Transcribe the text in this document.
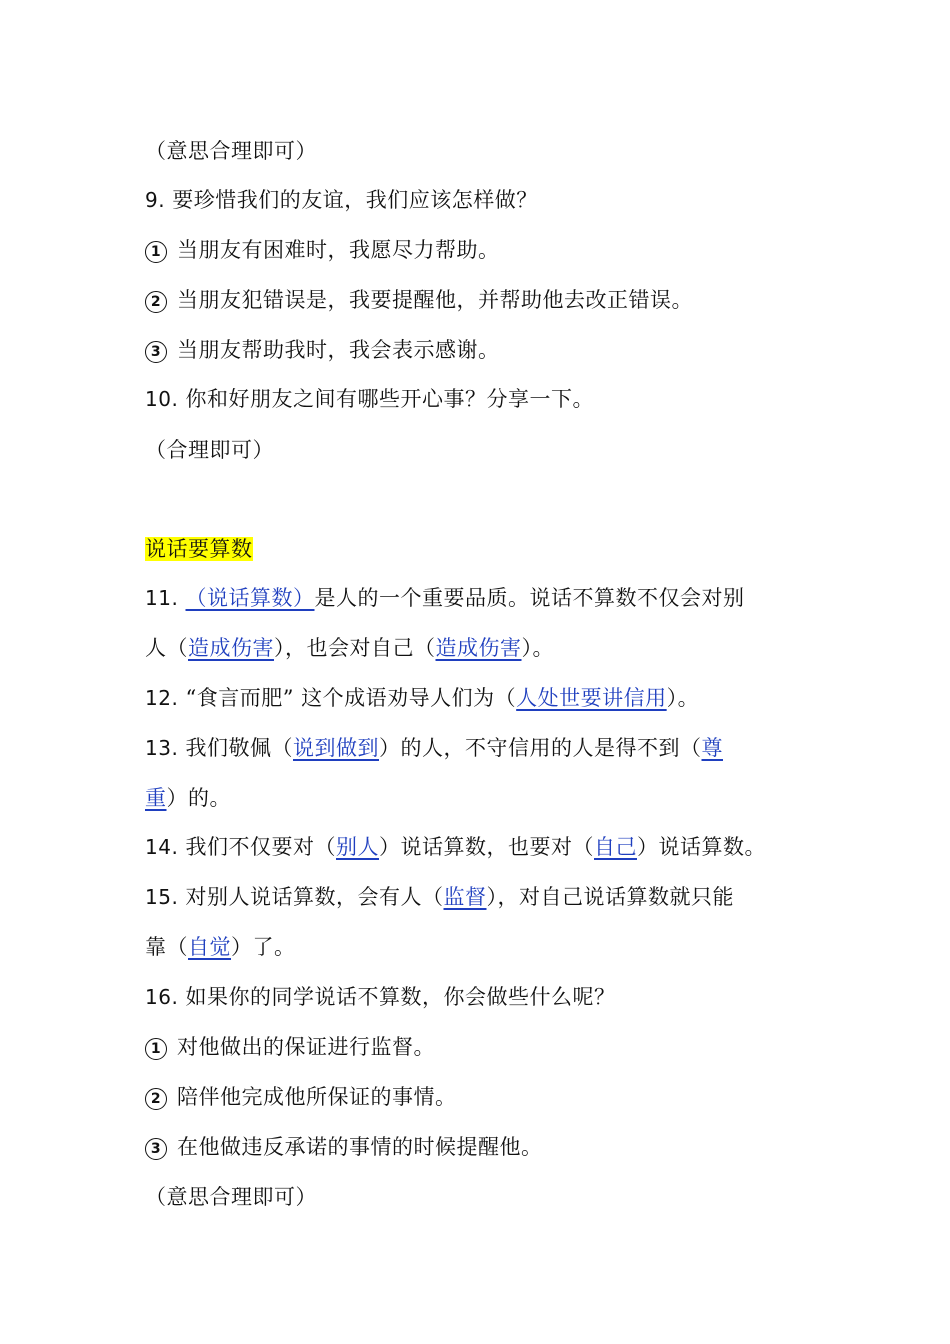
（意思合理即可）
9. 要珍惜我们的友谊，我们应该怎样做？
1 当朋友有困难时，我愿尽力帮助。
2 当朋友犯错误是，我要提醒他，并帮助他去改正错误。
3 当朋友帮助我时，我会表示感谢。
10. 你和好朋友之间有哪些开心事？分享一下。
（合理即可）
说话要算数
11. （说话算数）是人的一个重要品质。说话不算数不仅会对别
人（造成伤害），也会对自己（造成伤害）。
12. “食言而肥” 这个成语劝导人们为（人处世要讲信用）。
13. 我们敬佩（说到做到）的人，不守信用的人是得不到（尊
重）的。
14. 我们不仅要对（别人）说话算数，也要对（自己）说话算数。
15. 对别人说话算数，会有人（监督），对自己说话算数就只能
靠（自觉）了。
16. 如果你的同学说话不算数，你会做些什么呢？
1 对他做出的保证进行监督。
2 陪伴他完成他所保证的事情。
3 在他做违反承诺的事情的时候提醒他。
（意思合理即可）
